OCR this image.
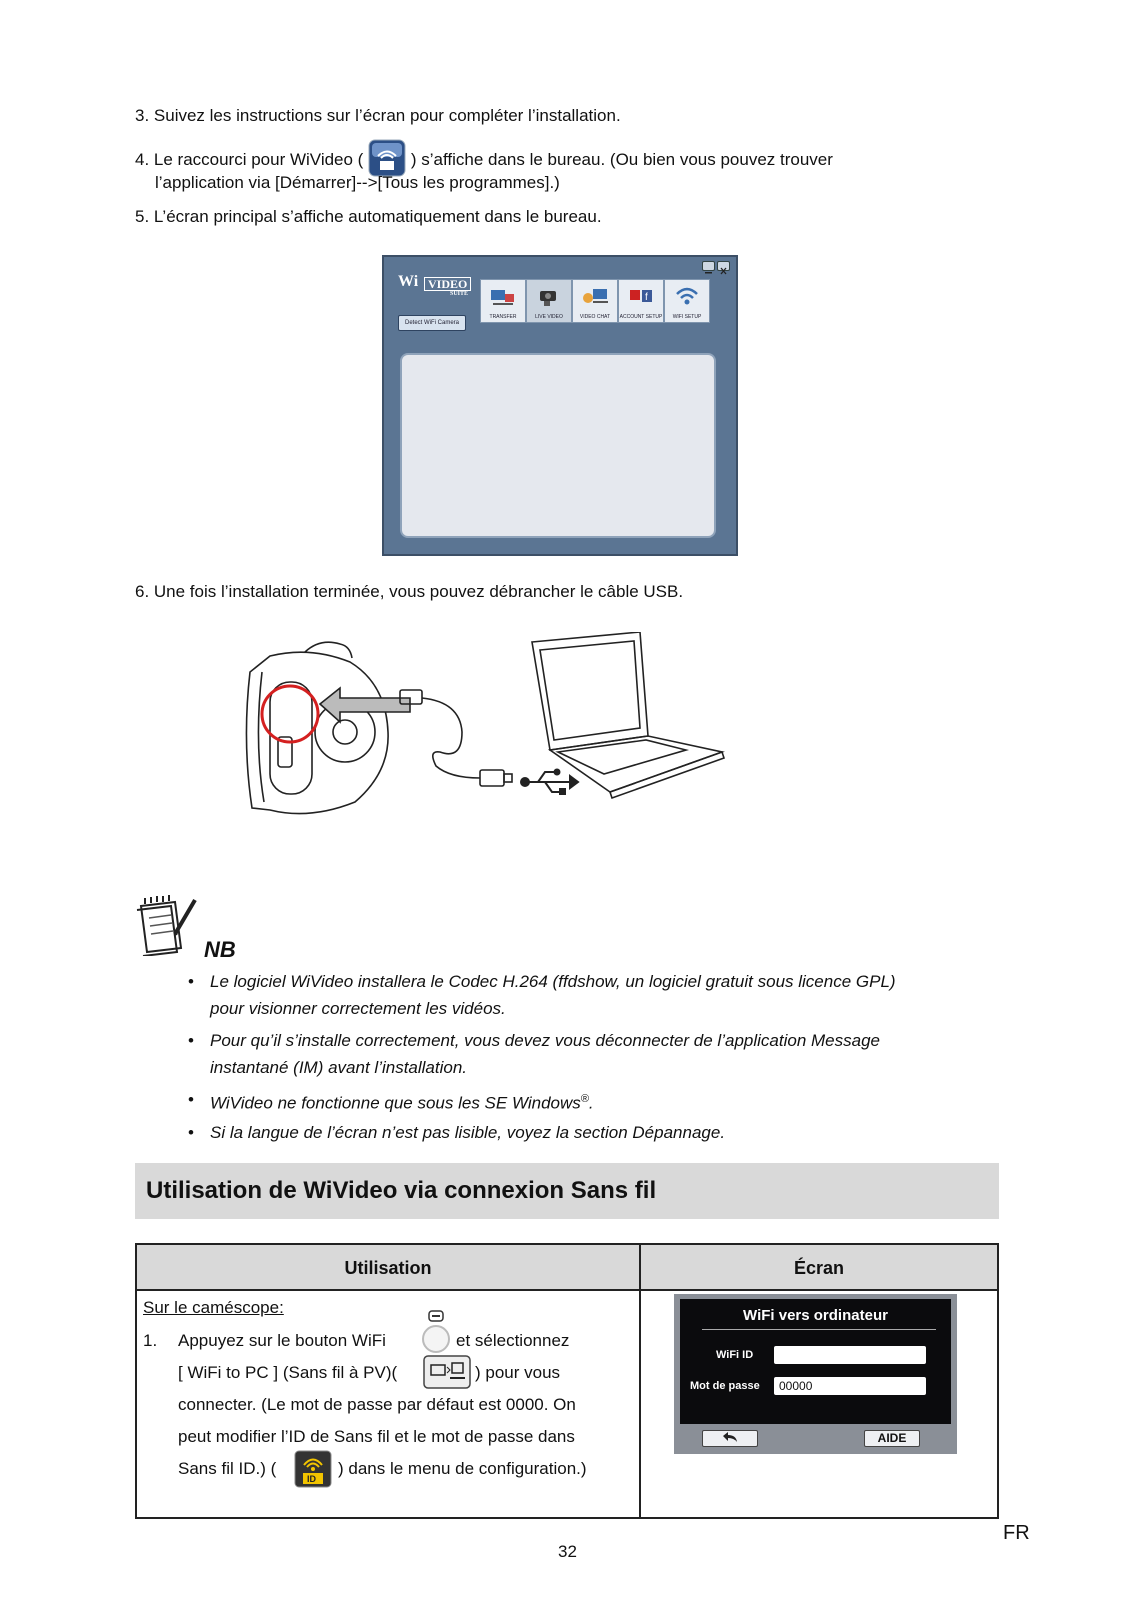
3. Suivez les instructions sur l’écran pour compléter l’installation.
4. Le raccourci pour WiVideo (	) s’affiche dans le bureau. (Ou bien vous pouvez trouver
l’application via [Démarrer]-->[Tous les programmes].)
5. L’écran principal s’affiche automatiquement dans le bureau.
Wi VIDEO
SUITE
Detect WiFi Camera
TRANSFER	LIVE VIDEO	VIDEO CHAT
f
ACCOUNT SETUP	WIFI SETUP
6. Une fois l’installation terminée, vous pouvez débrancher le câble USB.
NB
• Le logiciel WiVideo installera le Codec H.264 (ffdshow, un logiciel gratuit sous licence GPL)
pour visionner correctement les vidéos.
• Pour qu’il s’installe correctement, vous devez vous déconnecter de l’application Message
instantané (IM) avant l’installation.
• WiVideo ne fonctionne que sous les SE Windows®.
• Si la langue de l’écran n’est pas lisible, voyez la section Dépannage.
Utilisation de WiVideo via connexion Sans fil
Utilisation	Écran
Sur le caméscope:
1. Appuyez sur le bouton WiFi	et sélectionnez
[ WiFi to PC ] (Sans fil à PV)(	) pour vous
connecter. (Le mot de passe par défaut est 0000. On
peut modifier l’ID de Sans fil et le mot de passe dans
Sans fil ID.) (
ID
) dans le menu de configuration.)
WiFi vers ordinateur
WiFi ID
Mot de passe	00000
AIDE
32
FR
